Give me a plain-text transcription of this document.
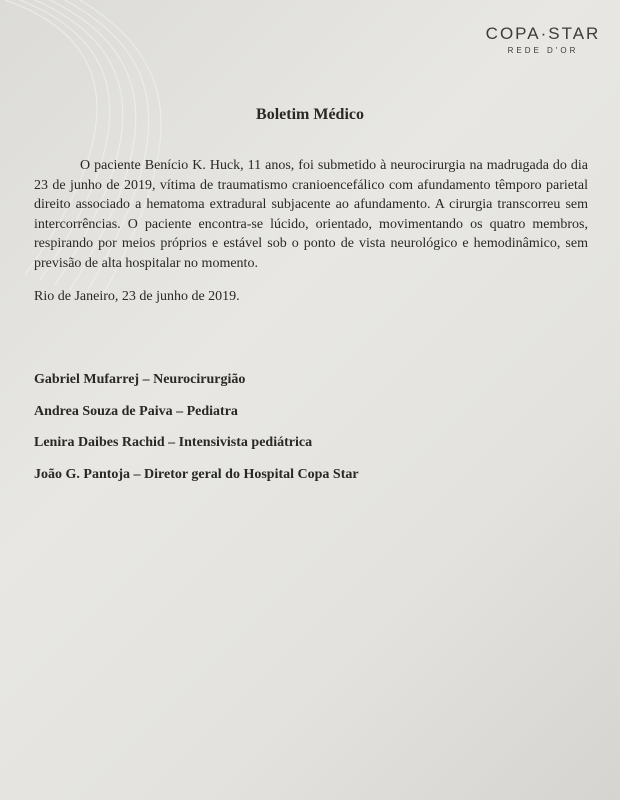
COPA·STAR
REDE D'OR
Boletim Médico
O paciente Benício K. Huck, 11 anos, foi submetido à neurocirurgia na madrugada do dia 23 de junho de 2019, vítima de traumatismo cranioencefálico com afundamento têmporo parietal direito associado a hematoma extradural subjacente ao afundamento. A cirurgia transcorreu sem intercorrências. O paciente encontra-se lúcido, orientado, movimentando os quatro membros, respirando por meios próprios e estável sob o ponto de vista neurológico e hemodinâmico, sem previsão de alta hospitalar no momento.
Rio de Janeiro, 23 de junho de 2019.
Gabriel Mufarrej – Neurocirurgião
Andrea Souza de Paiva – Pediatra
Lenira Daibes Rachid – Intensivista pediátrica
João G. Pantoja – Diretor geral do Hospital Copa Star
